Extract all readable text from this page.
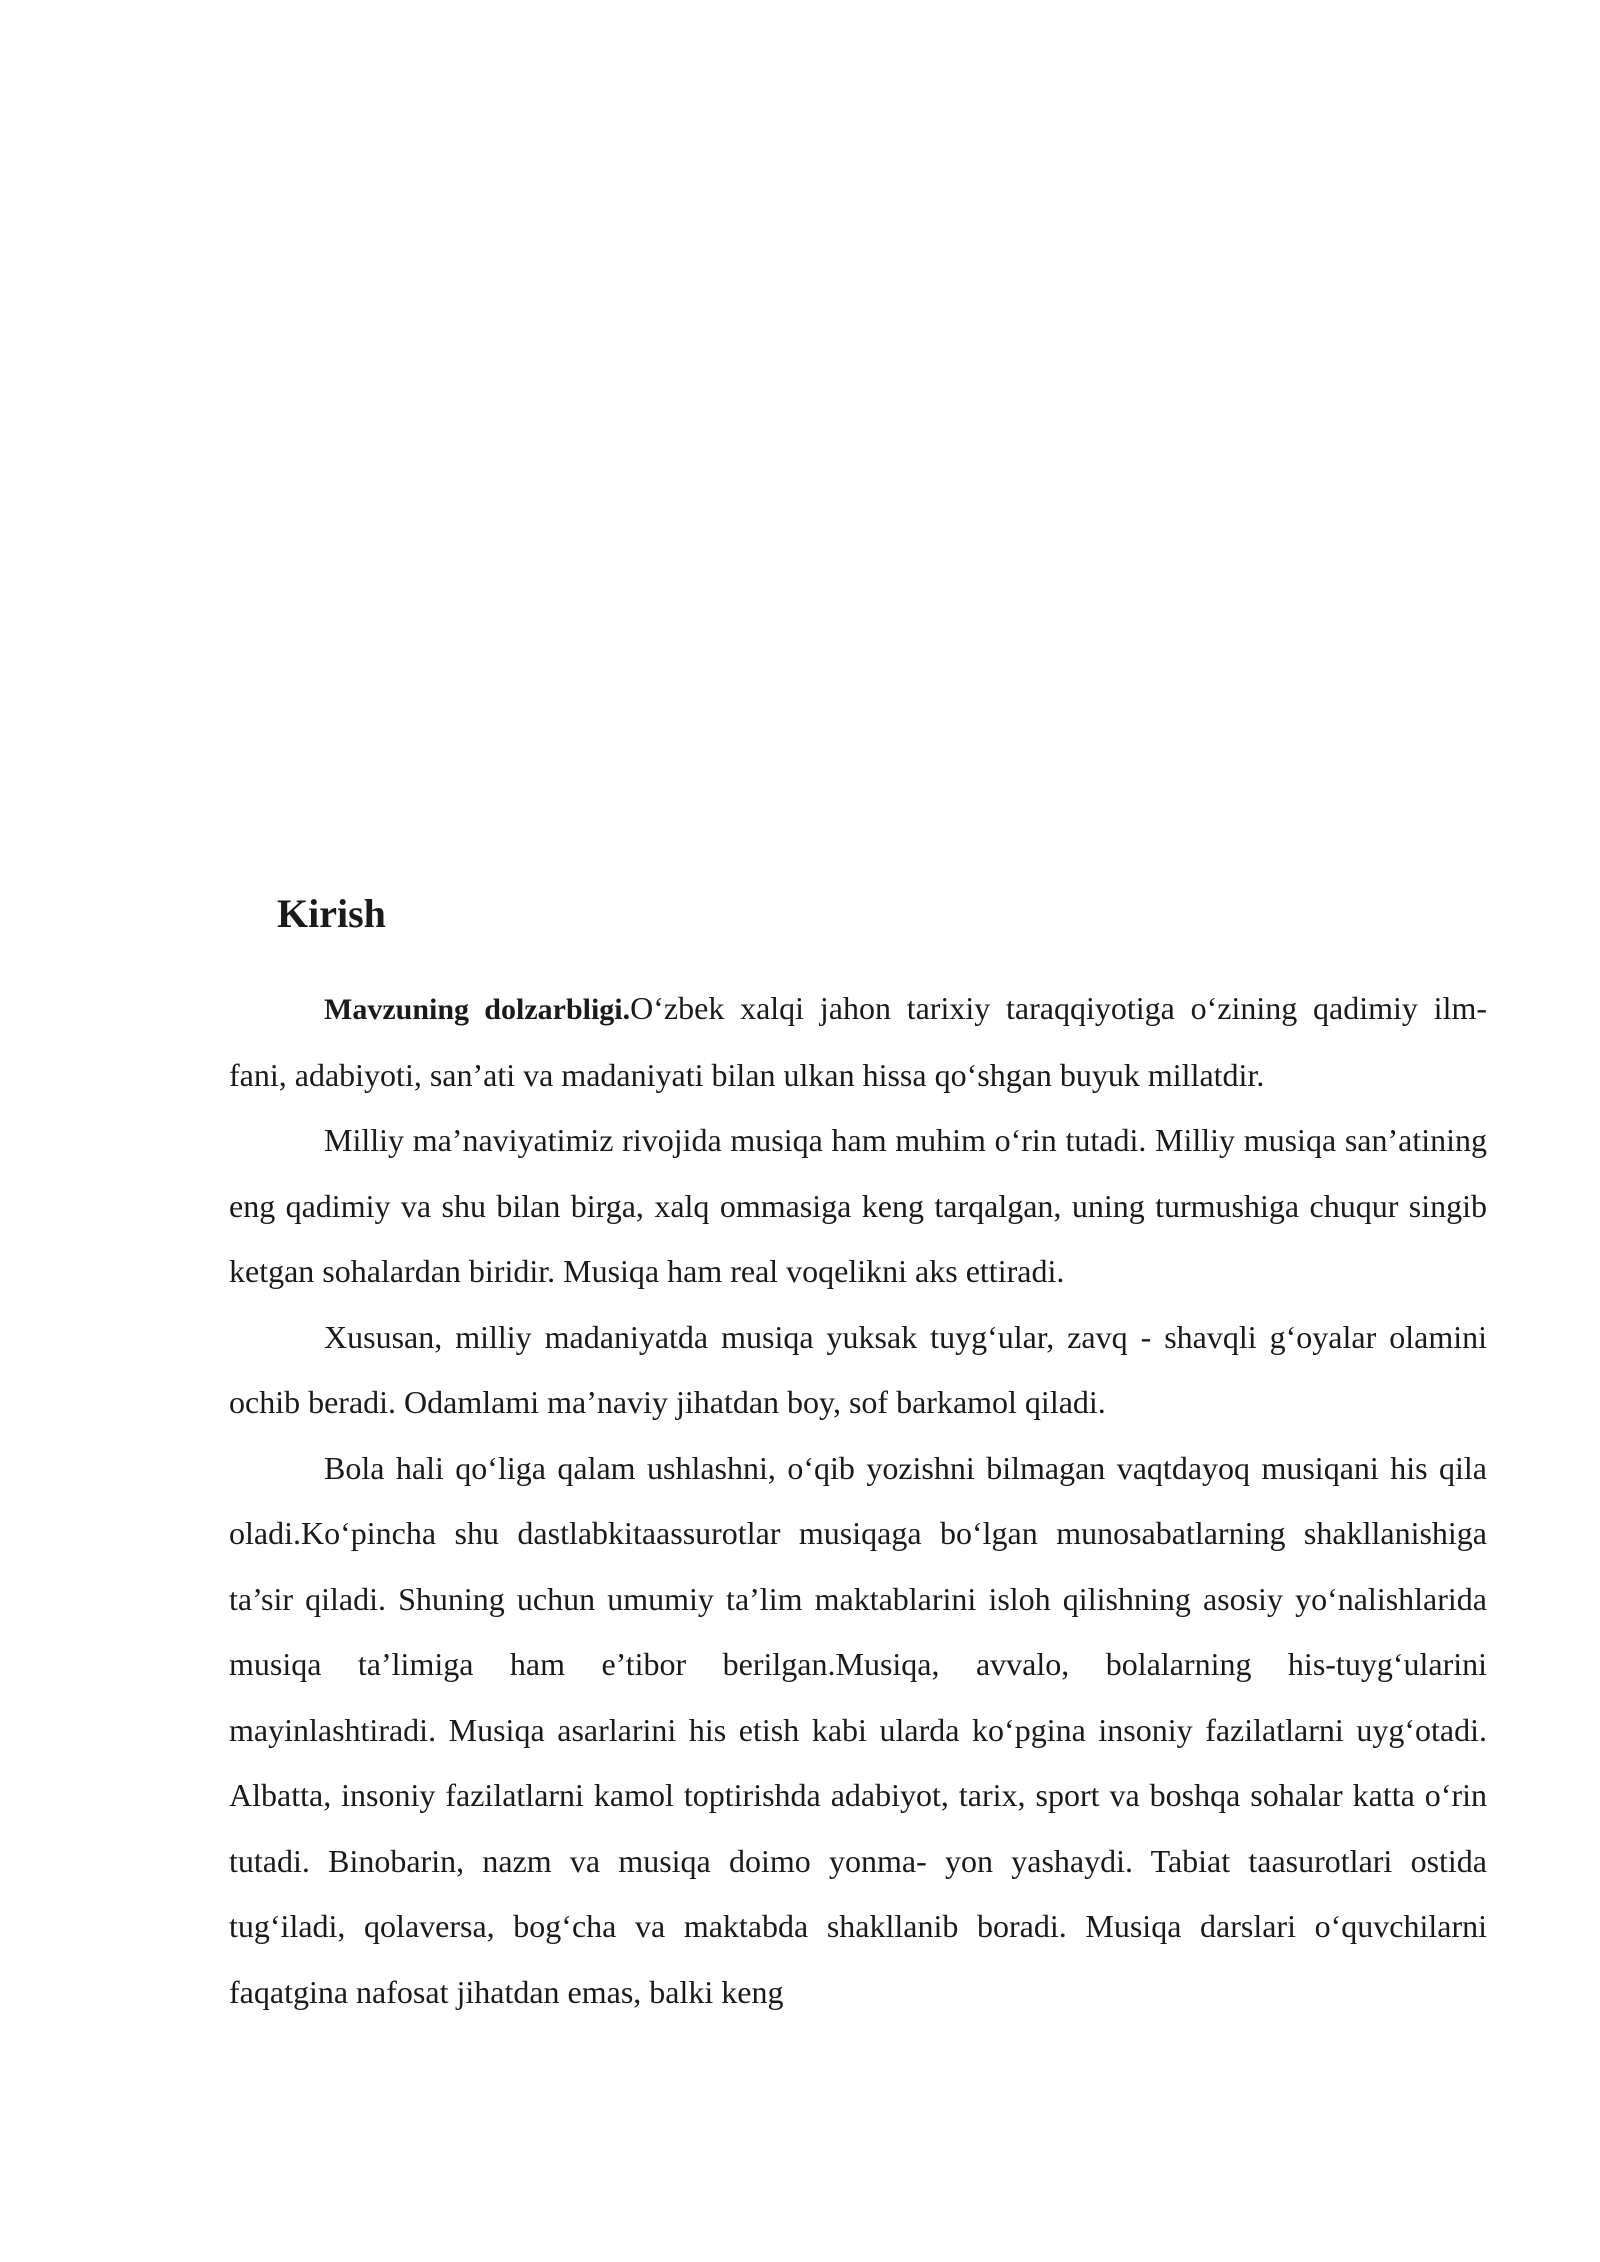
Kirish

Mavzuning dolzarbligi.O‘zbek xalqi jahon tarixiy taraqqiyotiga o‘zining qadimiy ilm- fani, adabiyoti, san’ati va madaniyati bilan ulkan hissa qo‘shgan buyuk millatdir.

Milliy ma’naviyatimiz rivojida musiqa ham muhim o‘rin tutadi. Milliy musiqa san’atining eng qadimiy va shu bilan birga, xalq ommasiga keng tarqalgan, uning turmushiga chuqur singib ketgan sohalardan biridir. Musiqa ham real voqelikni aks ettiradi.

Xususan, milliy madaniyatda musiqa yuksak tuyg‘ular, zavq - shavqli g‘oyalar olamini ochib beradi. Odamlami ma’naviy jihatdan boy, sof barkamol qiladi.

Bola hali qo‘liga qalam ushlashni, o‘qib yozishni bilmagan vaqtdayoq musiqani his qila oladi.Ko‘pincha shu dastlabkitaassurotlar musiqaga bo‘lgan munosabatlarning shakllanishiga ta’sir qiladi. Shuning uchun umumiy ta’lim maktablarini isloh qilishning asosiy yo‘nalishlarida musiqa ta’limiga ham e’tibor berilgan.Musiqa, avvalo, bolalarning his-tuyg‘ularini mayinlashtiradi. Musiqa asarlarini his etish kabi ularda ko‘pgina insoniy fazilatlarni uyg‘otadi. Albatta, insoniy fazilatlarni kamol toptirishda adabiyot, tarix, sport va boshqa sohalar katta o‘rin tutadi. Binobarin, nazm va musiqa doimo yonma- yon yashaydi. Tabiat taasurotlari ostida tug‘iladi, qolaversa, bog‘cha va maktabda shakllanib boradi. Musiqa darslari o‘quvchilarni faqatgina nafosat jihatdan emas, balki keng
